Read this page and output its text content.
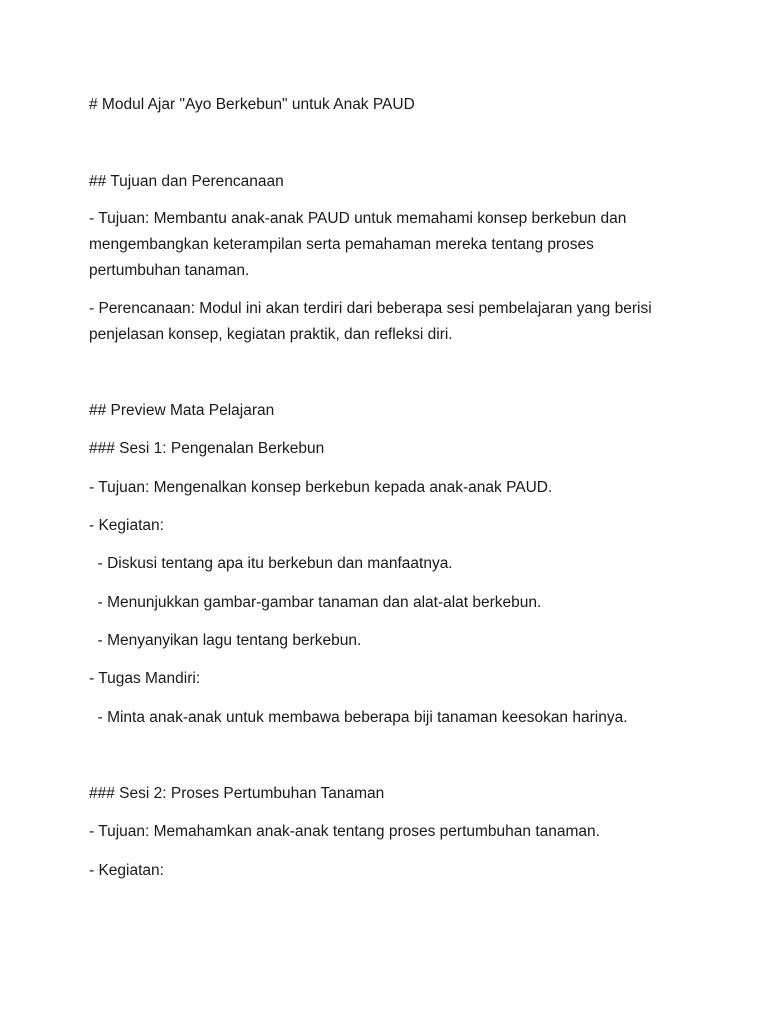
# Modul Ajar "Ayo Berkebun" untuk Anak PAUD

## Tujuan dan Perencanaan

- Tujuan: Membantu anak-anak PAUD untuk memahami konsep berkebun dan
mengembangkan keterampilan serta pemahaman mereka tentang proses
pertumbuhan tanaman.
- Perencanaan: Modul ini akan terdiri dari beberapa sesi pembelajaran yang berisi
penjelasan konsep, kegiatan praktik, dan refleksi diri.

## Preview Mata Pelajaran

### Sesi 1: Pengenalan Berkebun

- Tujuan: Mengenalkan konsep berkebun kepada anak-anak PAUD.

- Kegiatan:

- Diskusi tentang apa itu berkebun dan manfaatnya.

- Menunjukkan gambar-gambar tanaman dan alat-alat berkebun.

- Menyanyikan lagu tentang berkebun.

- Tugas Mandiri:

- Minta anak-anak untuk membawa beberapa biji tanaman keesokan harinya.

### Sesi 2: Proses Pertumbuhan Tanaman

- Tujuan: Memahamkan anak-anak tentang proses pertumbuhan tanaman.

- Kegiatan:
